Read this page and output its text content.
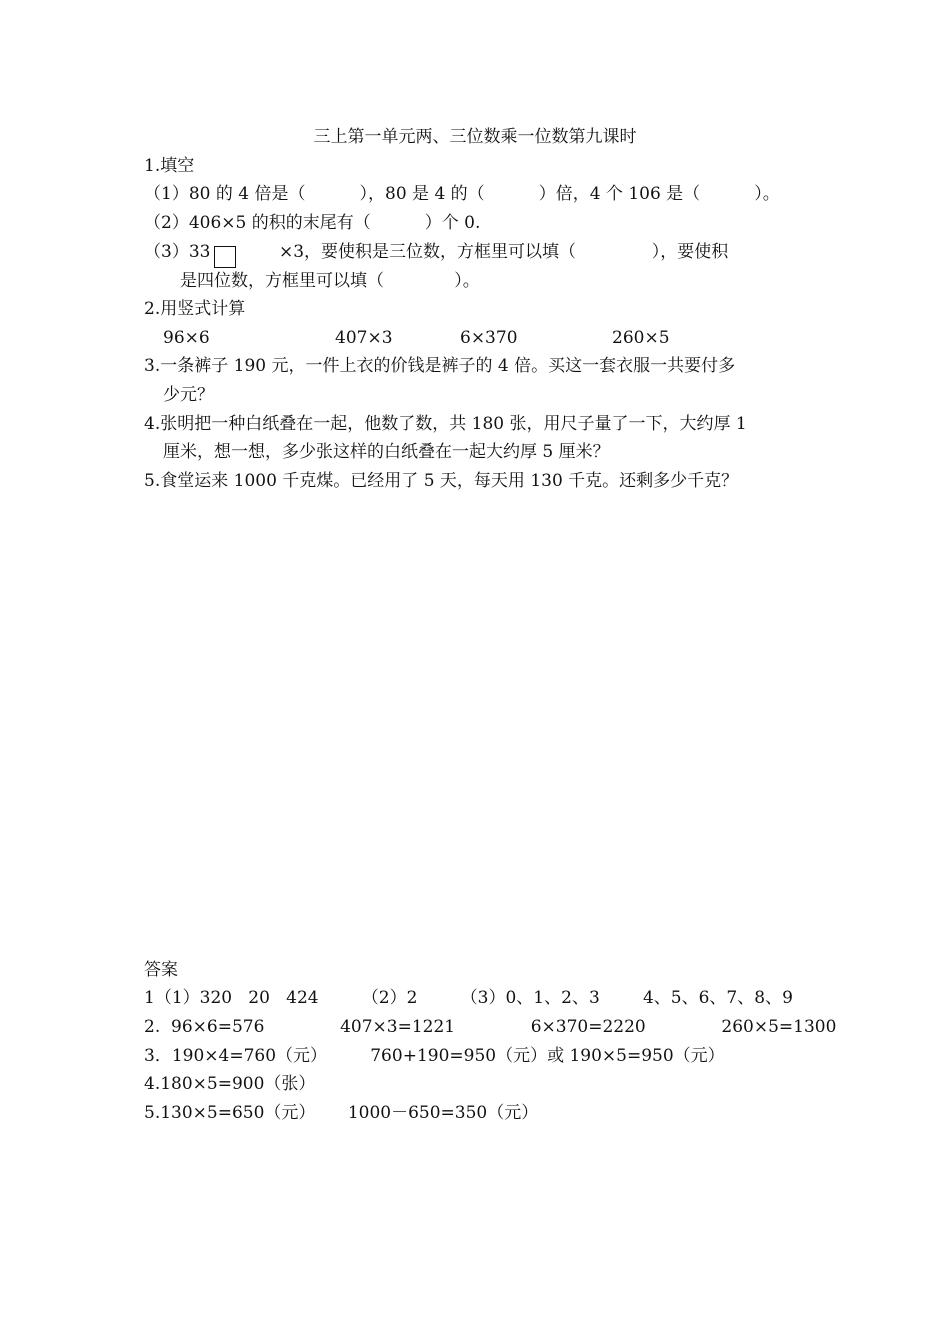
三上第一单元两、三位数乘一位数第九课时
1.填空
（1）80 的 4 倍是（          ），80 是 4 的（          ）倍，4 个 106 是（          ）。
（2）406×5 的积的末尾有（          ）个 0.

（3）33

	×3，要使积是三位数，方框里可以填（              ），要使积

是四位数，方框里可以填（             ）。
2.用竖式计算
96×6	407×3	6×370	260×5
3.一条裤子 190 元，一件上衣的价钱是裤子的 4 倍。买这一套衣服一共要付多
少元？
4.张明把一种白纸叠在一起，他数了数，共 180 张，用尺子量了一下，大约厚 1
厘米，想一想，多少张这样的白纸叠在一起大约厚 5 厘米？
5.食堂运来 1000 千克煤。已经用了 5 天，每天用 130 千克。还剩多少千克？
答案
1（1）320   20   424        （2）2        （3）0、1、2、3        4、5、6、7、8、9
2.  96×6=576              407×3=1221              6×370=2220              260×5=1300
3．190×4=760（元）        760+190=950（元）或 190×5=950（元）
4.180×5=900（张）
5.130×5=650（元）      1000－650=350（元）
